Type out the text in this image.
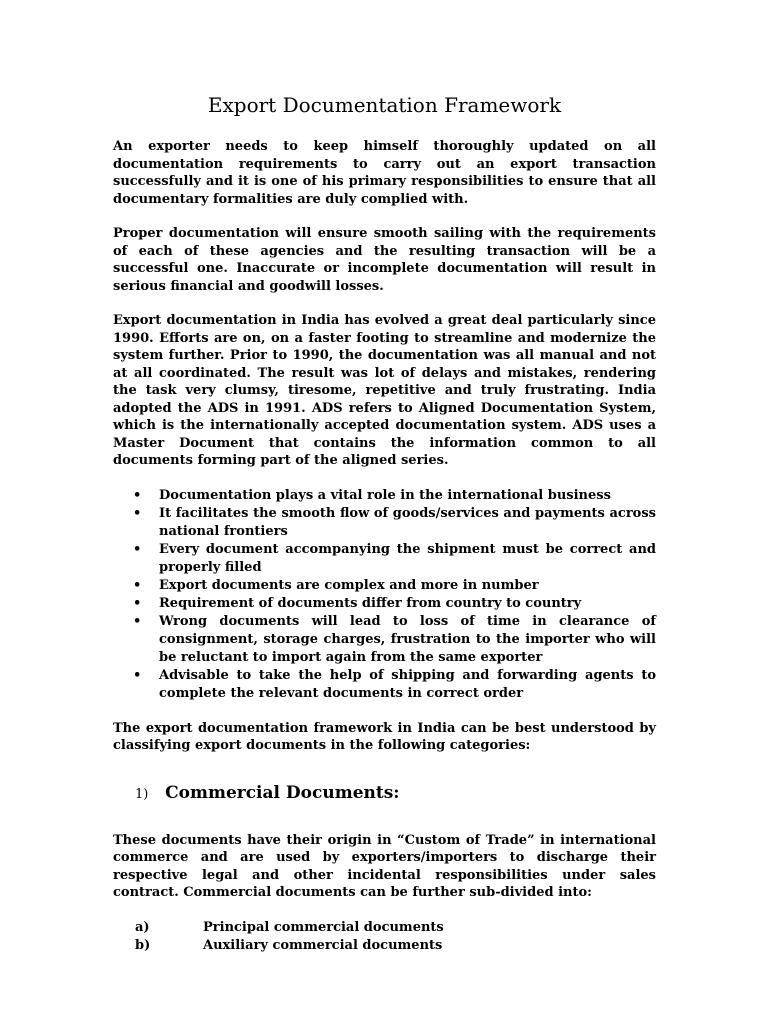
Export Documentation Framework

An exporter needs to keep himself thoroughly updated on all documentation requirements to carry out an export transaction successfully and it is one of his primary responsibilities to ensure that all documentary formalities are duly complied with.

Proper documentation will ensure smooth sailing with the requirements of each of these agencies and the resulting transaction will be a successful one. Inaccurate or incomplete documentation will result in serious financial and goodwill losses.

Export documentation in India has evolved a great deal particularly since 1990. Efforts are on, on a faster footing to streamline and modernize the system further. Prior to 1990, the documentation was all manual and not at all coordinated. The result was lot of delays and mistakes, rendering the task very clumsy, tiresome, repetitive and truly frustrating. India adopted the ADS in 1991. ADS refers to Aligned Documentation System, which is the internationally accepted documentation system. ADS uses a Master Document that contains the information common to all documents forming part of the aligned series.

• Documentation plays a vital role in the international business
• It facilitates the smooth flow of goods/services and payments across national frontiers
• Every document accompanying the shipment must be correct and properly filled
• Export documents are complex and more in number
• Requirement of documents differ from country to country
• Wrong documents will lead to loss of time in clearance of consignment, storage charges, frustration to the importer who will be reluctant to import again from the same exporter
• Advisable to take the help of shipping and forwarding agents to complete the relevant documents in correct order

The export documentation framework in India can be best understood by classifying export documents in the following categories:

1) Commercial Documents:

These documents have their origin in “Custom of Trade” in international commerce and are used by exporters/importers to discharge their respective legal and other incidental responsibilities under sales contract. Commercial documents can be further sub-divided into:

a)	Principal commercial documents
b)	Auxiliary commercial documents
